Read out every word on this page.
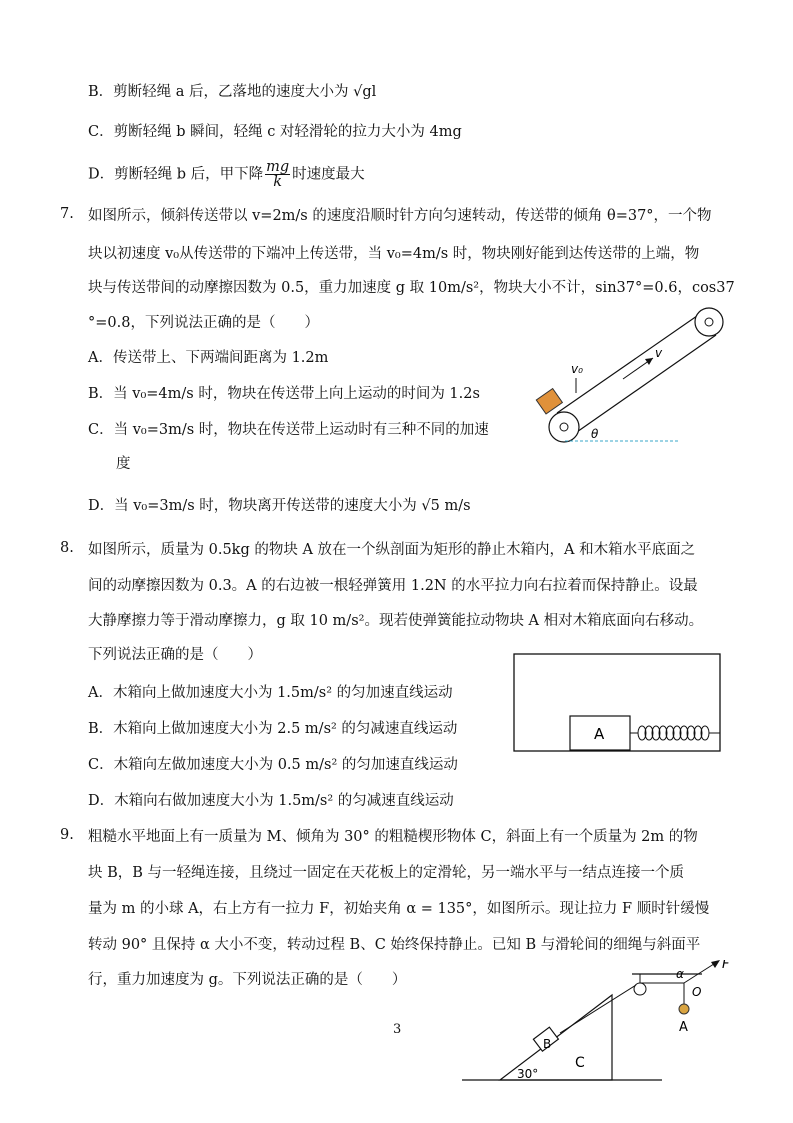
B．剪断轻绳 a 后，乙落地的速度大小为 √gl
C．剪断轻绳 b 瞬间，轻绳 c 对轻滑轮的拉力大小为 4mg
D．剪断轻绳 b 后，甲下降 $\frac{mg}{k}$ 时速度最大
7. 如图所示，倾斜传送带以 v=2m/s 的速度沿顺时针方向匀速转动，传送带的倾角 θ=37°，一个物
块以初速度 v₀从传送带的下端冲上传送带，当 v₀=4m/s 时，物块刚好能到达传送带的上端，物
块与传送带间的动摩擦因数为 0.5，重力加速度 g 取 10m/s²，物块大小不计，sin37°=0.6，cos37
°=0.8，下列说法正确的是（　　）
A．传送带上、下两端间距离为 1.2m
B．当 v₀=4m/s 时，物块在传送带上向上运动的时间为 1.2s
C．当 v₀=3m/s 时，物块在传送带上运动时有三种不同的加速
度
D．当 v₀=3m/s 时，物块离开传送带的速度大小为 √5 m/s
v₀
v
θ
8. 如图所示，质量为 0.5kg 的物块 A 放在一个纵剖面为矩形的静止木箱内，A 和木箱水平底面之
间的动摩擦因数为 0.3。A 的右边被一根轻弹簧用 1.2N 的水平拉力向右拉着而保持静止。设最
大静摩擦力等于滑动摩擦力，g 取 10 m/s²。现若使弹簧能拉动物块 A 相对木箱底面向右移动。
下列说法正确的是（　　）
A．木箱向上做加速度大小为 1.5m/s² 的匀加速直线运动
B．木箱向上做加速度大小为 2.5 m/s² 的匀减速直线运动
C．木箱向左做加速度大小为 0.5 m/s² 的匀加速直线运动
D．木箱向右做加速度大小为 1.5m/s² 的匀减速直线运动
A
9. 粗糙水平地面上有一质量为 M、倾角为 30° 的粗糙楔形物体 C，斜面上有一个质量为 2m 的物
块 B，B 与一轻绳连接，且绕过一固定在天花板上的定滑轮，另一端水平与一结点连接一个质
量为 m 的小球 A，右上方有一拉力 F，初始夹角 α = 135°，如图所示。现让拉力 F 顺时针缓慢
转动 90° 且保持 α 大小不变，转动过程 B、C 始终保持静止。已知 B 与滑轮间的细绳与斜面平
行，重力加速度为 g。下列说法正确的是（　　）
F
α
O
A
C
30°
B
3
